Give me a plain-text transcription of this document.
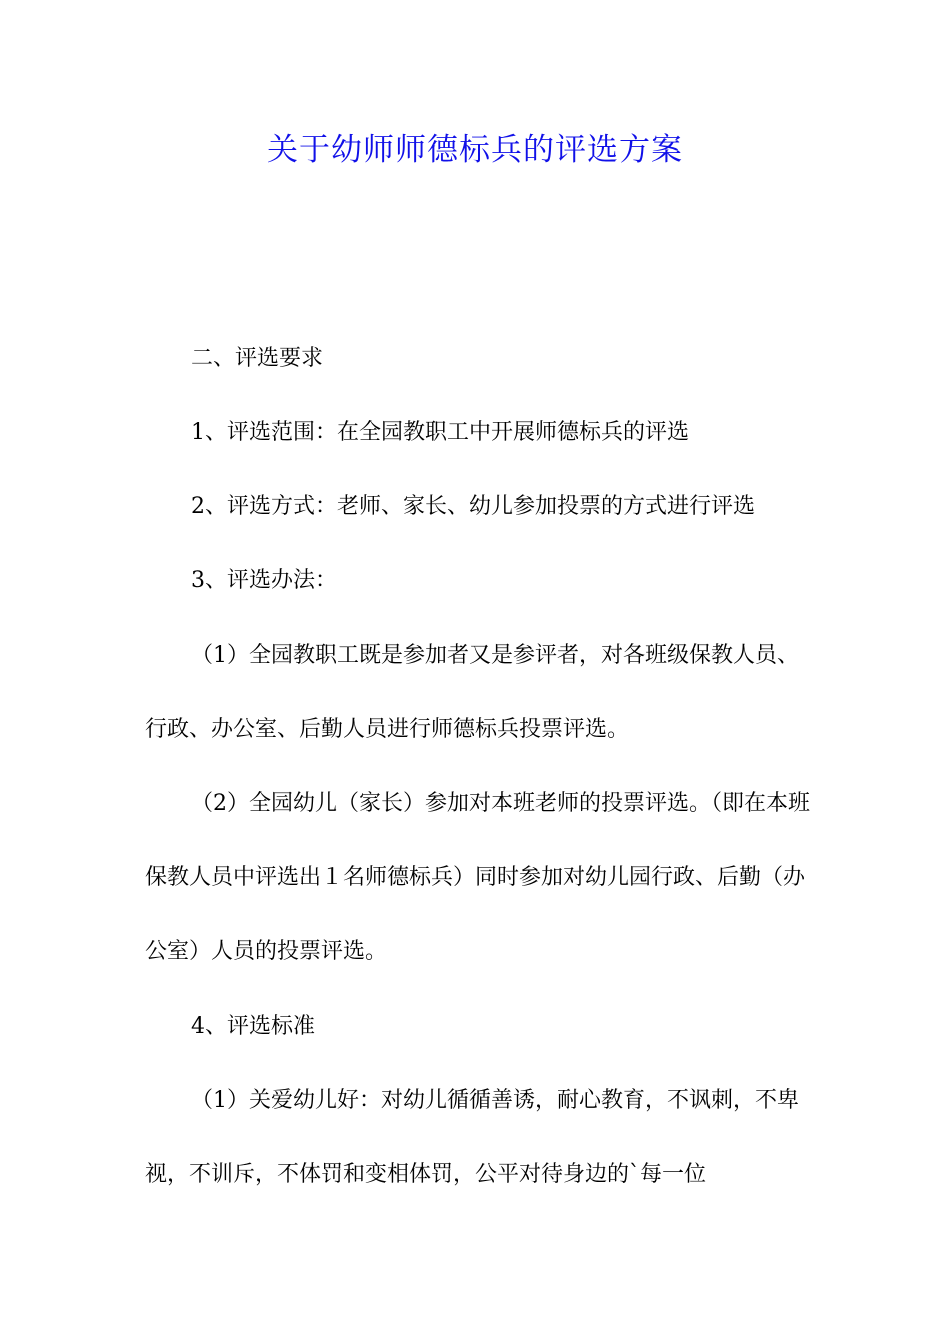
关于幼师师德标兵的评选方案

二、评选要求

1、评选范围：在全园教职工中开展师德标兵的评选

2、评选方式：老师、家长、幼儿参加投票的方式进行评选

3、评选办法：

（1）全园教职工既是参加者又是参评者，对各班级保教人员、行政、办公室、后勤人员进行师德标兵投票评选。

（2）全园幼儿（家长）参加对本班老师的投票评选。（即在本班保教人员中评选出１名师德标兵）同时参加对幼儿园行政、后勤（办公室）人员的投票评选。

4、评选标准

（1）关爱幼儿好：对幼儿循循善诱，耐心教育，不讽刺，不卑视，不训斥，不体罚和变相体罚，公平对待身边的`每一位
